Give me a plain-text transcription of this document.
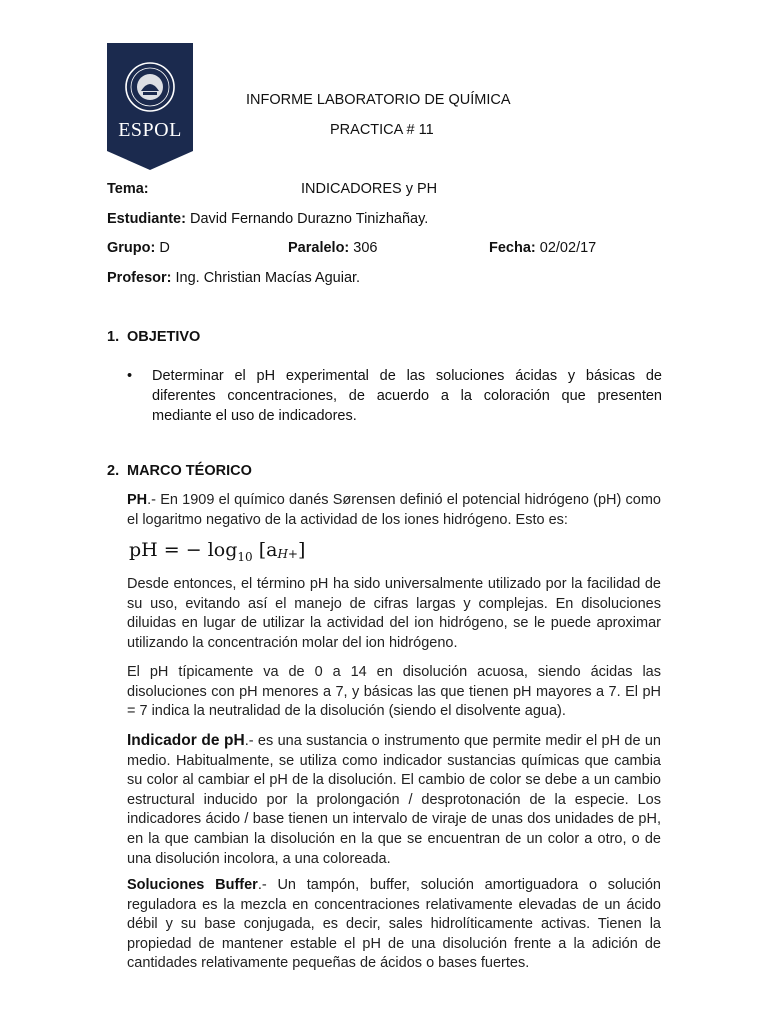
ESPOL
INFORME LABORATORIO DE QUÍMICA
PRACTICA # 11
Tema:	INDICADORES y PH
Estudiante: David Fernando Durazno Tinizhañay.
Grupo: D	Paralelo: 306	Fecha: 02/02/17
Profesor: Ing. Christian Macías Aguiar.
1. OBJETIVO
• Determinar el pH experimental de las soluciones ácidas y básicas de diferentes concentraciones, de acuerdo a la coloración que presenten mediante el uso de indicadores.
2. MARCO TÉORICO
PH.- En 1909 el químico danés Sørensen definió el potencial hidrógeno (pH) como el logaritmo negativo de la actividad de los iones hidrógeno. Esto es:
pH = − $\log_{10} [aH+]$
Desde entonces, el término pH ha sido universalmente utilizado por la facilidad de su uso, evitando así el manejo de cifras largas y complejas. En disoluciones diluidas en lugar de utilizar la actividad del ion hidrógeno, se le puede aproximar utilizando la concentración molar del ion hidrógeno.
El pH típicamente va de 0 a 14 en disolución acuosa, siendo ácidas las disoluciones con pH menores a 7, y básicas las que tienen pH mayores a 7. El pH = 7 indica la neutralidad de la disolución (siendo el disolvente agua).
Indicador de pH.- es una sustancia o instrumento que permite medir el pH de un medio. Habitualmente, se utiliza como indicador sustancias químicas que cambia su color al cambiar el pH de la disolución. El cambio de color se debe a un cambio estructural inducido por la prolongación / desprotonación de la especie. Los indicadores ácido / base tienen un intervalo de viraje de unas dos unidades de pH, en la que cambian la disolución en la que se encuentran de un color a otro, o de una disolución incolora, a una coloreada.
Soluciones Buffer.- Un tampón, buffer, solución amortiguadora o solución reguladora es la mezcla en concentraciones relativamente elevadas de un ácido débil y su base conjugada, es decir, sales hidrolíticamente activas. Tienen la propiedad de mantener estable el pH de una disolución frente a la adición de cantidades relativamente pequeñas de ácidos o bases fuertes.
